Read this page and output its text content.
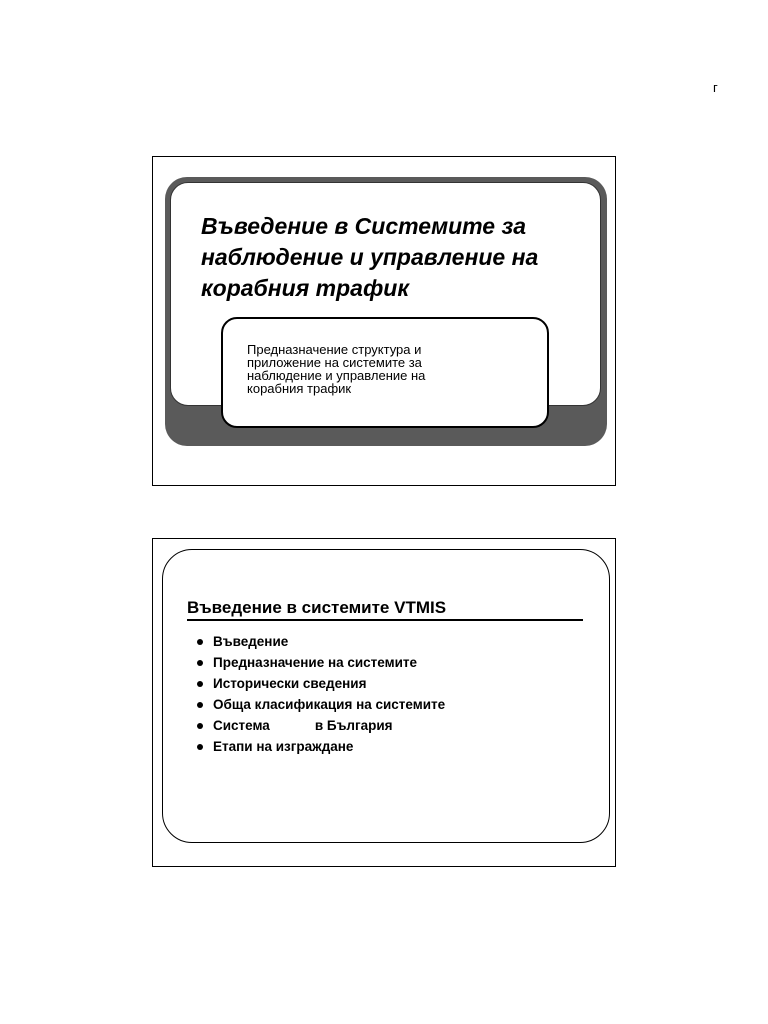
г
Въведение в Системите за
наблюдение и управление на
корабния трафик

Предназначение структура и
приложение на системите за
наблюдение и управление на
корабния трафик

Въведение в системите VTMIS
Въведение
Предназначение на системите
Исторически сведения
Обща класификация на системите
Система            в България
Етапи на изграждане
